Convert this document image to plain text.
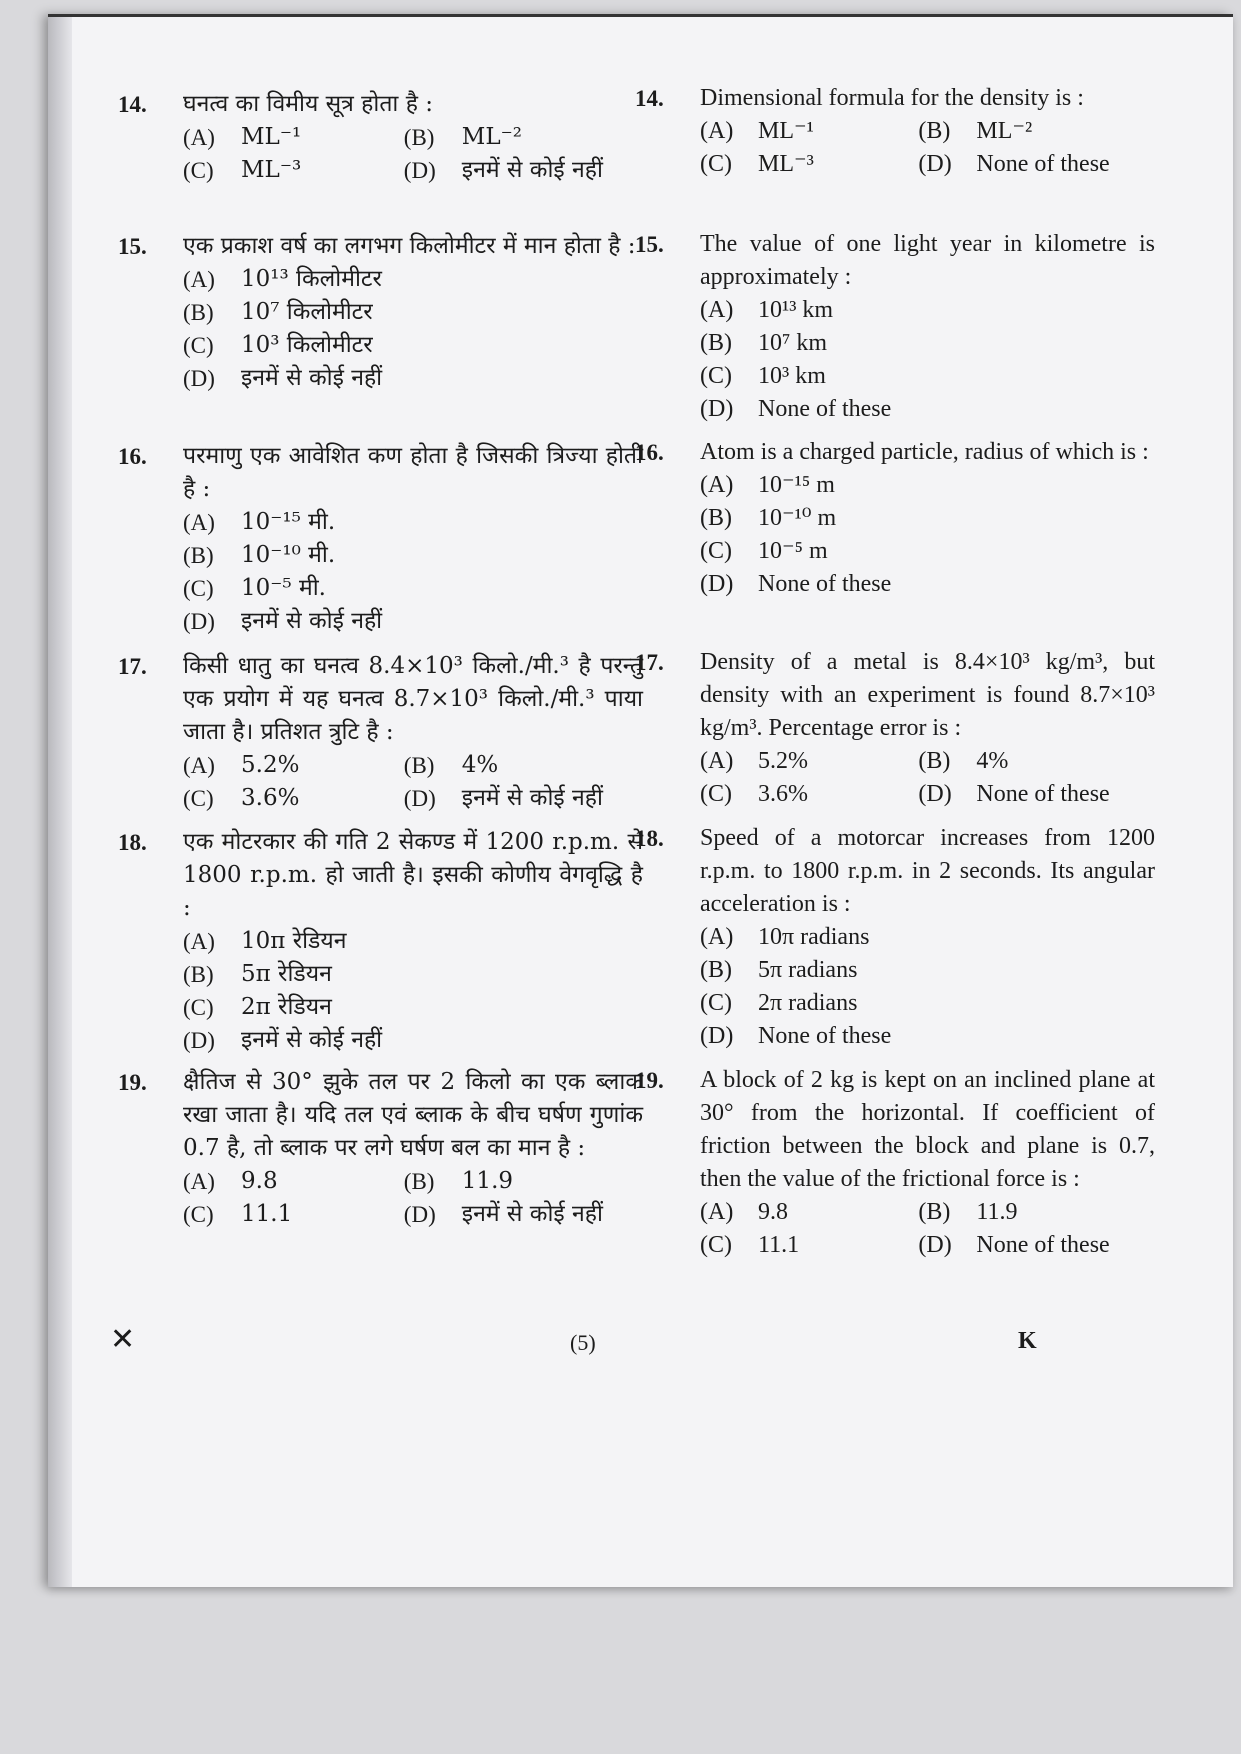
14.	घनत्व का विमीय सूत्र होता है :
(A)	ML⁻¹	(B)	ML⁻²
(C)	ML⁻³	(D)	इनमें से कोई नहीं
15.	एक प्रकाश वर्ष का लगभग किलोमीटर में मान होता है :
(A)	10¹³ किलोमीटर
(B)	10⁷ किलोमीटर
(C)	10³ किलोमीटर
(D)	इनमें से कोई नहीं
16.	परमाणु एक आवेशित कण होता है जिसकी त्रिज्या होती है :
(A)	10⁻¹⁵ मी.
(B)	10⁻¹⁰ मी.
(C)	10⁻⁵ मी.
(D)	इनमें से कोई नहीं
17.	किसी धातु का घनत्व 8.4×10³ किलो./मी.³ है परन्तु एक प्रयोग में यह घनत्व 8.7×10³ किलो./मी.³ पाया जाता है। प्रतिशत त्रुटि है :
(A)	5.2%	(B)	4%
(C)	3.6%	(D)	इनमें से कोई नहीं
18.	एक मोटरकार की गति 2 सेकण्ड में 1200 r.p.m. से 1800 r.p.m. हो जाती है। इसकी कोणीय वेगवृद्धि है :
(A)	10π रेडियन
(B)	5π रेडियन
(C)	2π रेडियन
(D)	इनमें से कोई नहीं
19.	क्षैतिज से 30° झुके तल पर 2 किलो का एक ब्लाक रखा जाता है। यदि तल एवं ब्लाक के बीच घर्षण गुणांक 0.7 है, तो ब्लाक पर लगे घर्षण बल का मान है :
(A)	9.8	(B)	11.9
(C)	11.1	(D)	इनमें से कोई नहीं
14.	Dimensional formula for the density is :
(A)	ML⁻¹	(B)	ML⁻²
(C)	ML⁻³	(D)	None of these
15.	The value of one light year in kilometre is approximately :
(A)	10¹³ km
(B)	10⁷ km
(C)	10³ km
(D)	None of these
16.	Atom is a charged particle, radius of which is :
(A)	10⁻¹⁵ m
(B)	10⁻¹⁰ m
(C)	10⁻⁵ m
(D)	None of these
17.	Density of a metal is 8.4×10³ kg/m³, but density with an experiment is found 8.7×10³ kg/m³. Percentage error is :
(A)	5.2%	(B)	4%
(C)	3.6%	(D)	None of these
18.	Speed of a motorcar increases from 1200 r.p.m. to 1800 r.p.m. in 2 seconds. Its angular acceleration is :
(A)	10π radians
(B)	5π radians
(C)	2π radians
(D)	None of these
19.	A block of 2 kg is kept on an inclined plane at 30° from the horizontal. If coefficient of friction between the block and plane is 0.7, then the value of the frictional force is :
(A)	9.8	(B)	11.9
(C)	11.1	(D)	None of these
✕	(5)	K
